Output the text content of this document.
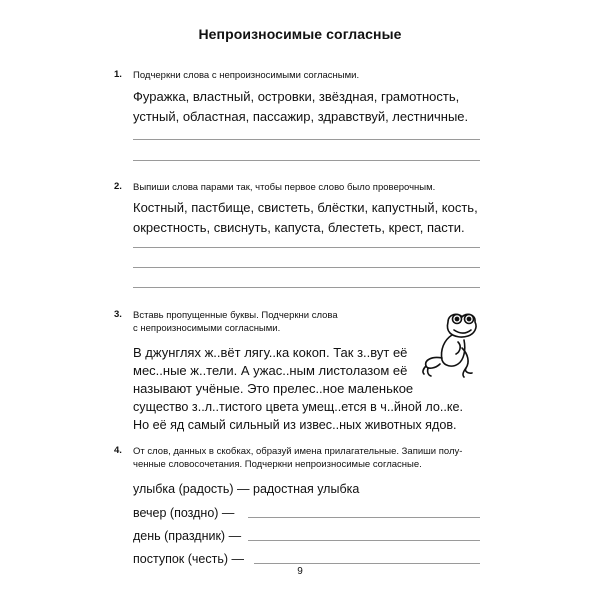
Непроизносимые согласные
1. Подчеркни слова с непроизносимыми согласными.
Фуражка, властный, островки, звёздная, грамотность,
устный, областная, пассажир, здравствуй, лестничные.
2. Выпиши слова парами так, чтобы первое слово было проверочным.
Костный, пастбище, свистеть, блёстки, капустный, кость,
окрестность, свиснуть, капуста, блестеть, крест, пасти.
3. Вставь пропущенные буквы. Подчеркни слова
с непроизносимыми согласными.
В джунглях ж..вёт лягу..ка кокоп. Так з..вут её
мес..ные ж..тели. А ужас..ным листолазом её
называют учёные. Это прелес..ное маленькое
существо з..л..тистого цвета умещ..ется в ч..йной ло..ке.
Но её яд самый сильный из извес..ных животных ядов.
4. От слов, данных в скобках, образуй имена прилагательные. Запиши полу-
ченные словосочетания. Подчеркни непроизносимые согласные.
улыбка (радость) — радостная улыбка
вечер (поздно) —
день (праздник) —
поступок (честь) —
9
